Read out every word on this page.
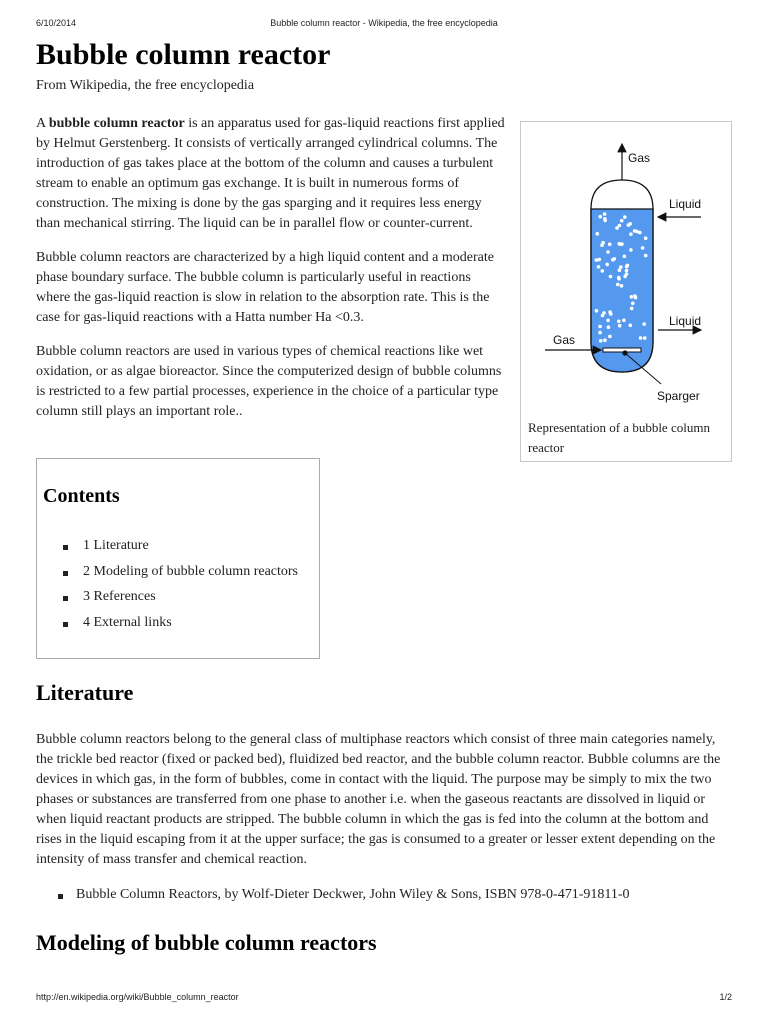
6/10/2014	Bubble column reactor - Wikipedia, the free encyclopedia
Bubble column reactor
From Wikipedia, the free encyclopedia

A bubble column reactor is an apparatus used for gas-liquid reactions first applied by Helmut Gerstenberg. It consists of vertically arranged cylindrical columns. The introduction of gas takes place at the bottom of the column and causes a turbulent stream to enable an optimum gas exchange. It is built in numerous forms of construction. The mixing is done by the gas sparging and it requires less energy than mechanical stirring. The liquid can be in parallel flow or counter-current.

Bubble column reactors are characterized by a high liquid content and a moderate phase boundary surface. The bubble column is particularly useful in reactions where the gas-liquid reaction is slow in relation to the absorption rate. This is the case for gas-liquid reactions with a Hatta number Ha <0.3.

Bubble column reactors are used in various types of chemical reactions like wet oxidation, or as algae bioreactor. Since the computerized design of bubble columns is restricted to a few partial processes, experience in the choice of a particular type column still plays an important role..

Gas
Liquid
Liquid
Gas
Sparger
Representation of a bubble column reactor
Contents
1 Literature
2 Modeling of bubble column reactors
3 References
4 External links
Literature

Bubble column reactors belong to the general class of multiphase reactors which consist of three main categories namely, the trickle bed reactor (fixed or packed bed), fluidized bed reactor, and the bubble column reactor. Bubble columns are the devices in which gas, in the form of bubbles, come in contact with the liquid. The purpose may be simply to mix the two phases or substances are transferred from one phase to another i.e. when the gaseous reactants are dissolved in liquid or when liquid reactant products are stripped. The bubble column in which the gas is fed into the column at the bottom and rises in the liquid escaping from it at the upper surface; the gas is consumed to a greater or lesser extent depending on the intensity of mass transfer and chemical reaction.

Bubble Column Reactors, by Wolf-Dieter Deckwer, John Wiley & Sons, ISBN 978-0-471-91811-0
Modeling of bubble column reactors
http://en.wikipedia.org/wiki/Bubble_column_reactor	1/2
